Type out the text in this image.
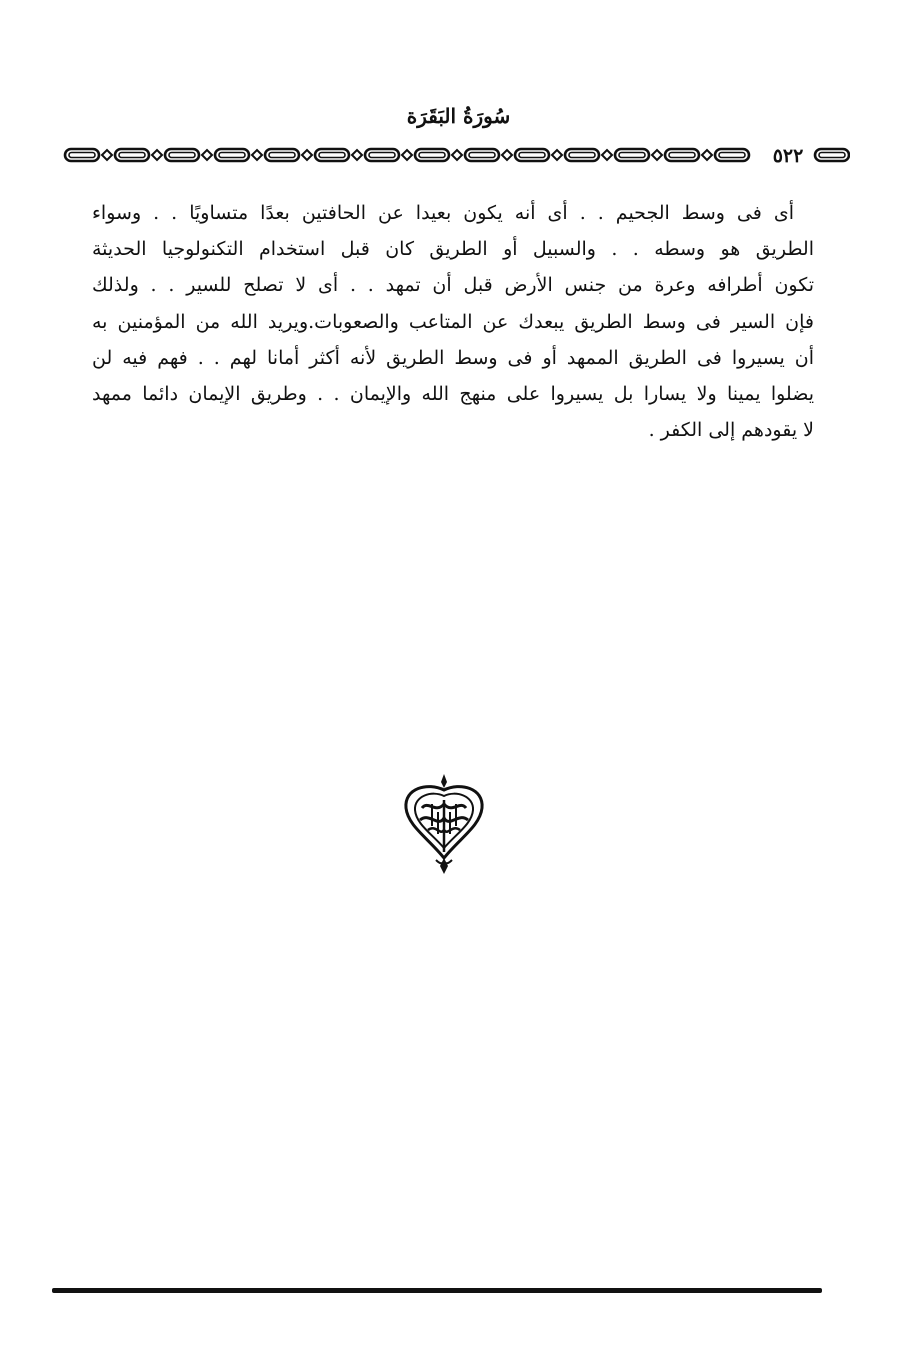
سُورَةُ البَقَرَة
٥٢٢
أى فى وسط الجحيم . . أى أنه يكون بعيدا عن الحافتين بعدًا متساويًا . . وسواء
الطريق هو وسطه . . والسبيل أو الطريق كان قبل استخدام التكنولوجيا الحديثة
تكون أطرافه وعرة من جنس الأرض قبل أن تمهد . . أى لا تصلح للسير . . ولذلك
فإن السير فى وسط الطريق يبعدك عن المتاعب والصعوبات.ويريد الله من المؤمنين به
أن يسيروا فى الطريق الممهد أو فى وسط الطريق لأنه أكثر أمانا لهم . . فهم فيه لن
يضلوا يمينا ولا يسارا بل يسيروا على منهج الله والإيمان . . وطريق الإيمان دائما ممهد
لا يقودهم إلى الكفر .
